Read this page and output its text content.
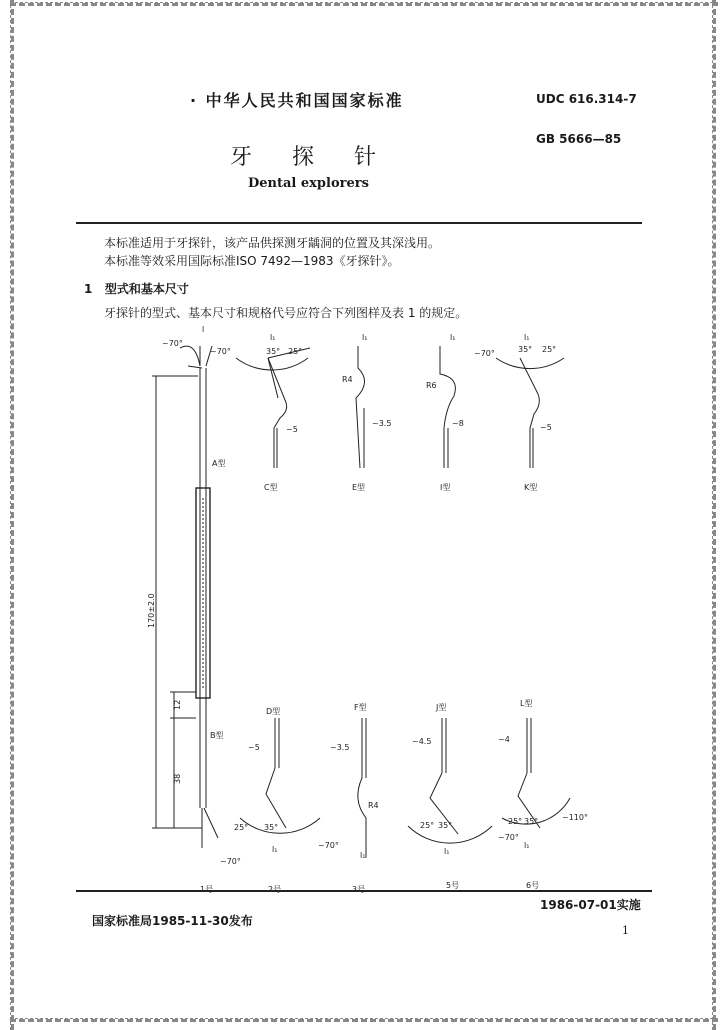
· 中华人民共和国国家标准	UDC 616.314-7
GB 5666—85
牙探针
Dental explorers
本标准适用于牙探针，该产品供探测牙龋洞的位置及其深浅用。
本标准等效采用国际标准ISO 7492—1983《牙探针》。
1 型式和基本尺寸
牙探针的型式、基本尺寸和规格代号应符合下列图样及表 1 的规定。
A型
B型
C型	E型	I型	K型
D型	F型	J型	L型
1号	2号	3号	5号	6号
170±2.0
12
38
~70°
~70°
~70°
l
l₁
35° 25°
~5
l₁
R4
~3.5
l₁
R6
~8
l₁
~70°	35° 25°
~5
~5
25° 35°
~70°
l₁
~3.5
R4
l₁
~4.5
25° 35°
l₁
~4
25° 35°
~70°
~110°
l₁
1986-07-01实施
国家标准局1985-11-30发布
1
